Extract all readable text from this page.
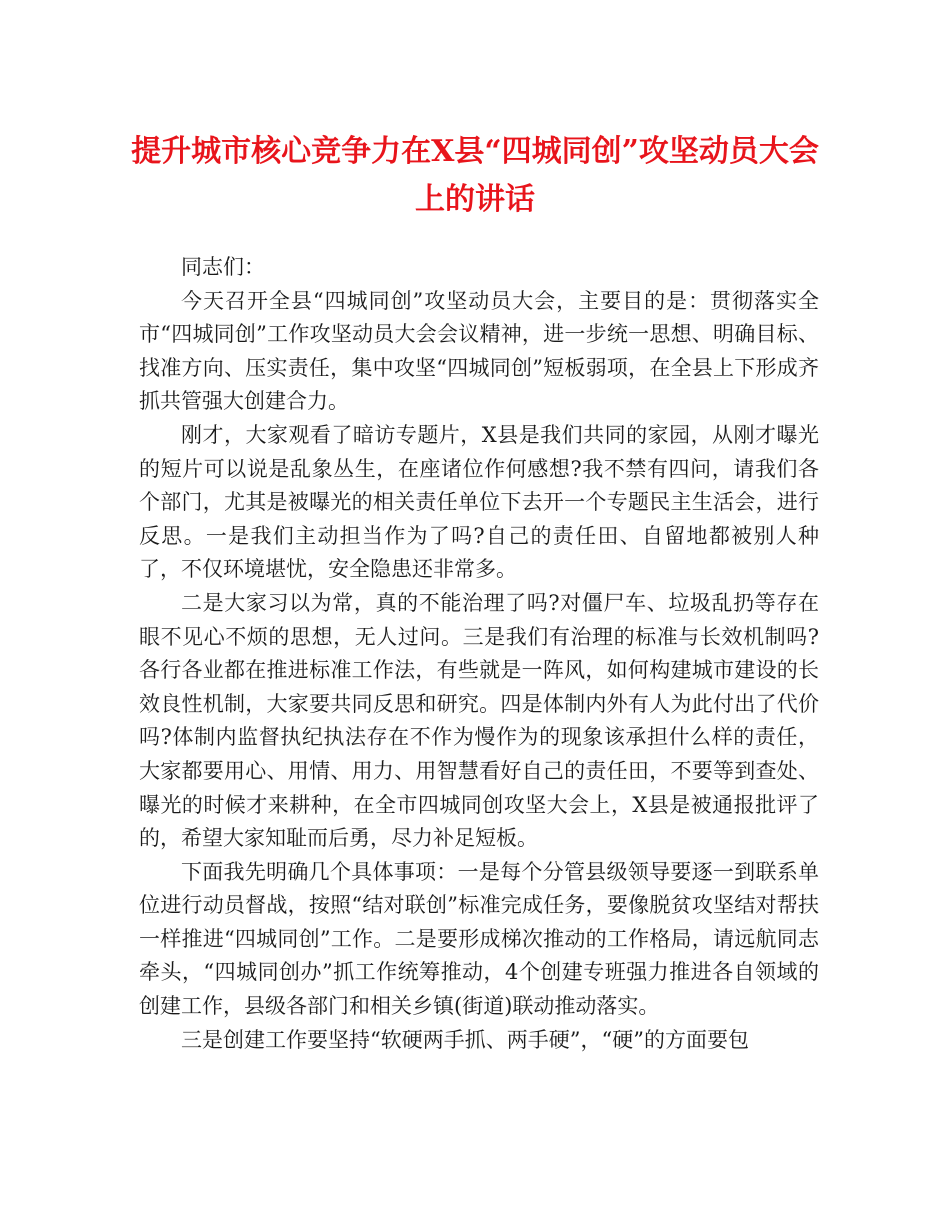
提升城市核心竞争力在X县“四城同创”攻坚动员大会上的讲话

同志们：

今天召开全县“四城同创”攻坚动员大会，主要目的是：贯彻落实全市“四城同创”工作攻坚动员大会会议精神，进一步统一思想、明确目标、找准方向、压实责任，集中攻坚“四城同创”短板弱项，在全县上下形成齐抓共管强大创建合力。

刚才，大家观看了暗访专题片，X县是我们共同的家园，从刚才曝光的短片可以说是乱象丛生，在座诸位作何感想?我不禁有四问，请我们各个部门，尤其是被曝光的相关责任单位下去开一个专题民主生活会，进行反思。一是我们主动担当作为了吗?自己的责任田、自留地都被别人种了，不仅环境堪忧，安全隐患还非常多。

二是大家习以为常，真的不能治理了吗?对僵尸车、垃圾乱扔等存在眼不见心不烦的思想，无人过问。三是我们有治理的标准与长效机制吗?各行各业都在推进标准工作法，有些就是一阵风，如何构建城市建设的长效良性机制，大家要共同反思和研究。四是体制内外有人为此付出了代价吗?体制内监督执纪执法存在不作为慢作为的现象该承担什么样的责任，大家都要用心、用情、用力、用智慧看好自己的责任田，不要等到查处、曝光的时候才来耕种，在全市四城同创攻坚大会上，X县是被通报批评了的，希望大家知耻而后勇，尽力补足短板。

下面我先明确几个具体事项：一是每个分管县级领导要逐一到联系单位进行动员督战，按照“结对联创”标准完成任务，要像脱贫攻坚结对帮扶一样推进“四城同创”工作。二是要形成梯次推动的工作格局，请远航同志牵头，“四城同创办”抓工作统筹推动，4个创建专班强力推进各自领域的创建工作，县级各部门和相关乡镇(街道)联动推动落实。

三是创建工作要坚持“软硬两手抓、两手硬”，“硬”的方面要包
